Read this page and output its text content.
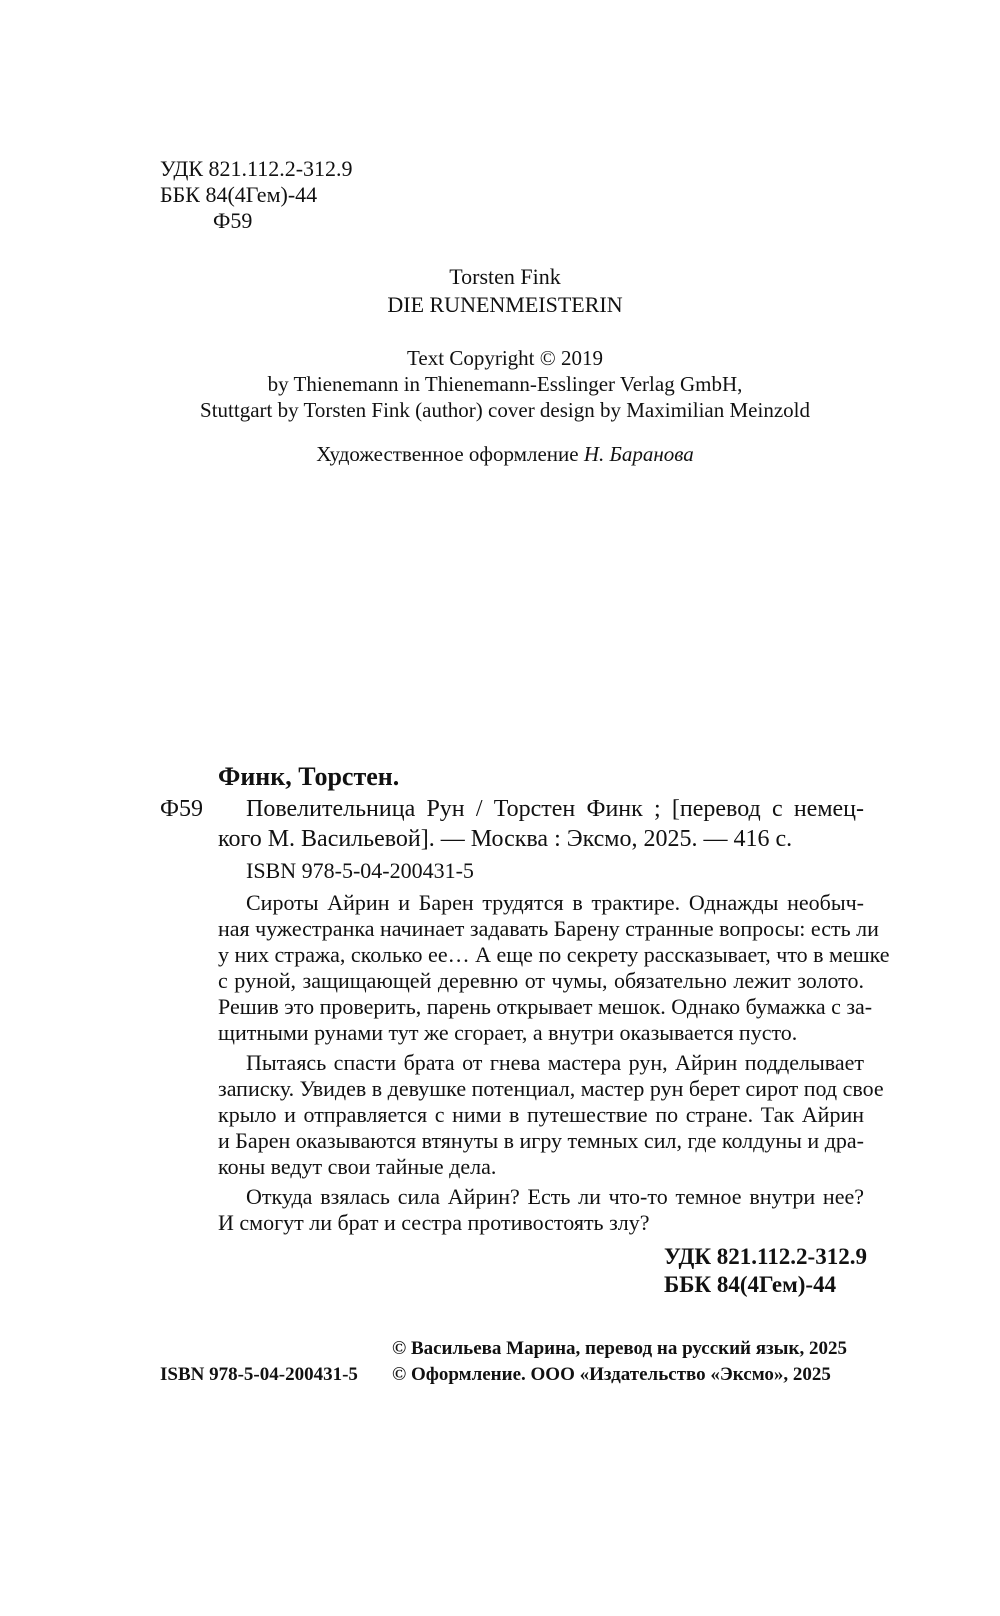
УДК 821.112.2-312.9
ББК 84(4Гем)-44
Ф59
Torsten Fink
DIE RUNENMEISTERIN
Text Copyright © 2019
by Thienemann in Thienemann-Esslinger Verlag GmbH,
Stuttgart by Torsten Fink (author) cover design by Maximilian Meinzold
Художественное оформление Н. Баранова
Финк, Торстен.
Ф59 Повелительница Рун / Торстен Финк ; [перевод с немец-
кого М. Васильевой]. — Москва : Эксмо, 2025. — 416 с.
ISBN 978-5-04-200431-5
Сироты Айрин и Барен трудятся в трактире. Однажды необыч-
ная чужестранка начинает задавать Барену странные вопросы: есть ли
у них стража, сколько ее… А еще по секрету рассказывает, что в мешке
с руной, защищающей деревню от чумы, обязательно лежит золото.
Решив это проверить, парень открывает мешок. Однако бумажка с за-
щитными рунами тут же сгорает, а внутри оказывается пусто.
Пытаясь спасти брата от гнева мастера рун, Айрин подделывает
записку. Увидев в девушке потенциал, мастер рун берет сирот под свое
крыло и отправляется с ними в путешествие по стране. Так Айрин
и Барен оказываются втянуты в игру темных сил, где колдуны и дра-
коны ведут свои тайные дела.
Откуда взялась сила Айрин? Есть ли что-то темное внутри нее?
И смогут ли брат и сестра противостоять злу?
УДК 821.112.2-312.9
ББК 84(4Гем)-44
© Васильева Марина, перевод на русский язык, 2025
ISBN 978-5-04-200431-5 © Оформление. ООО «Издательство «Эксмо», 2025
